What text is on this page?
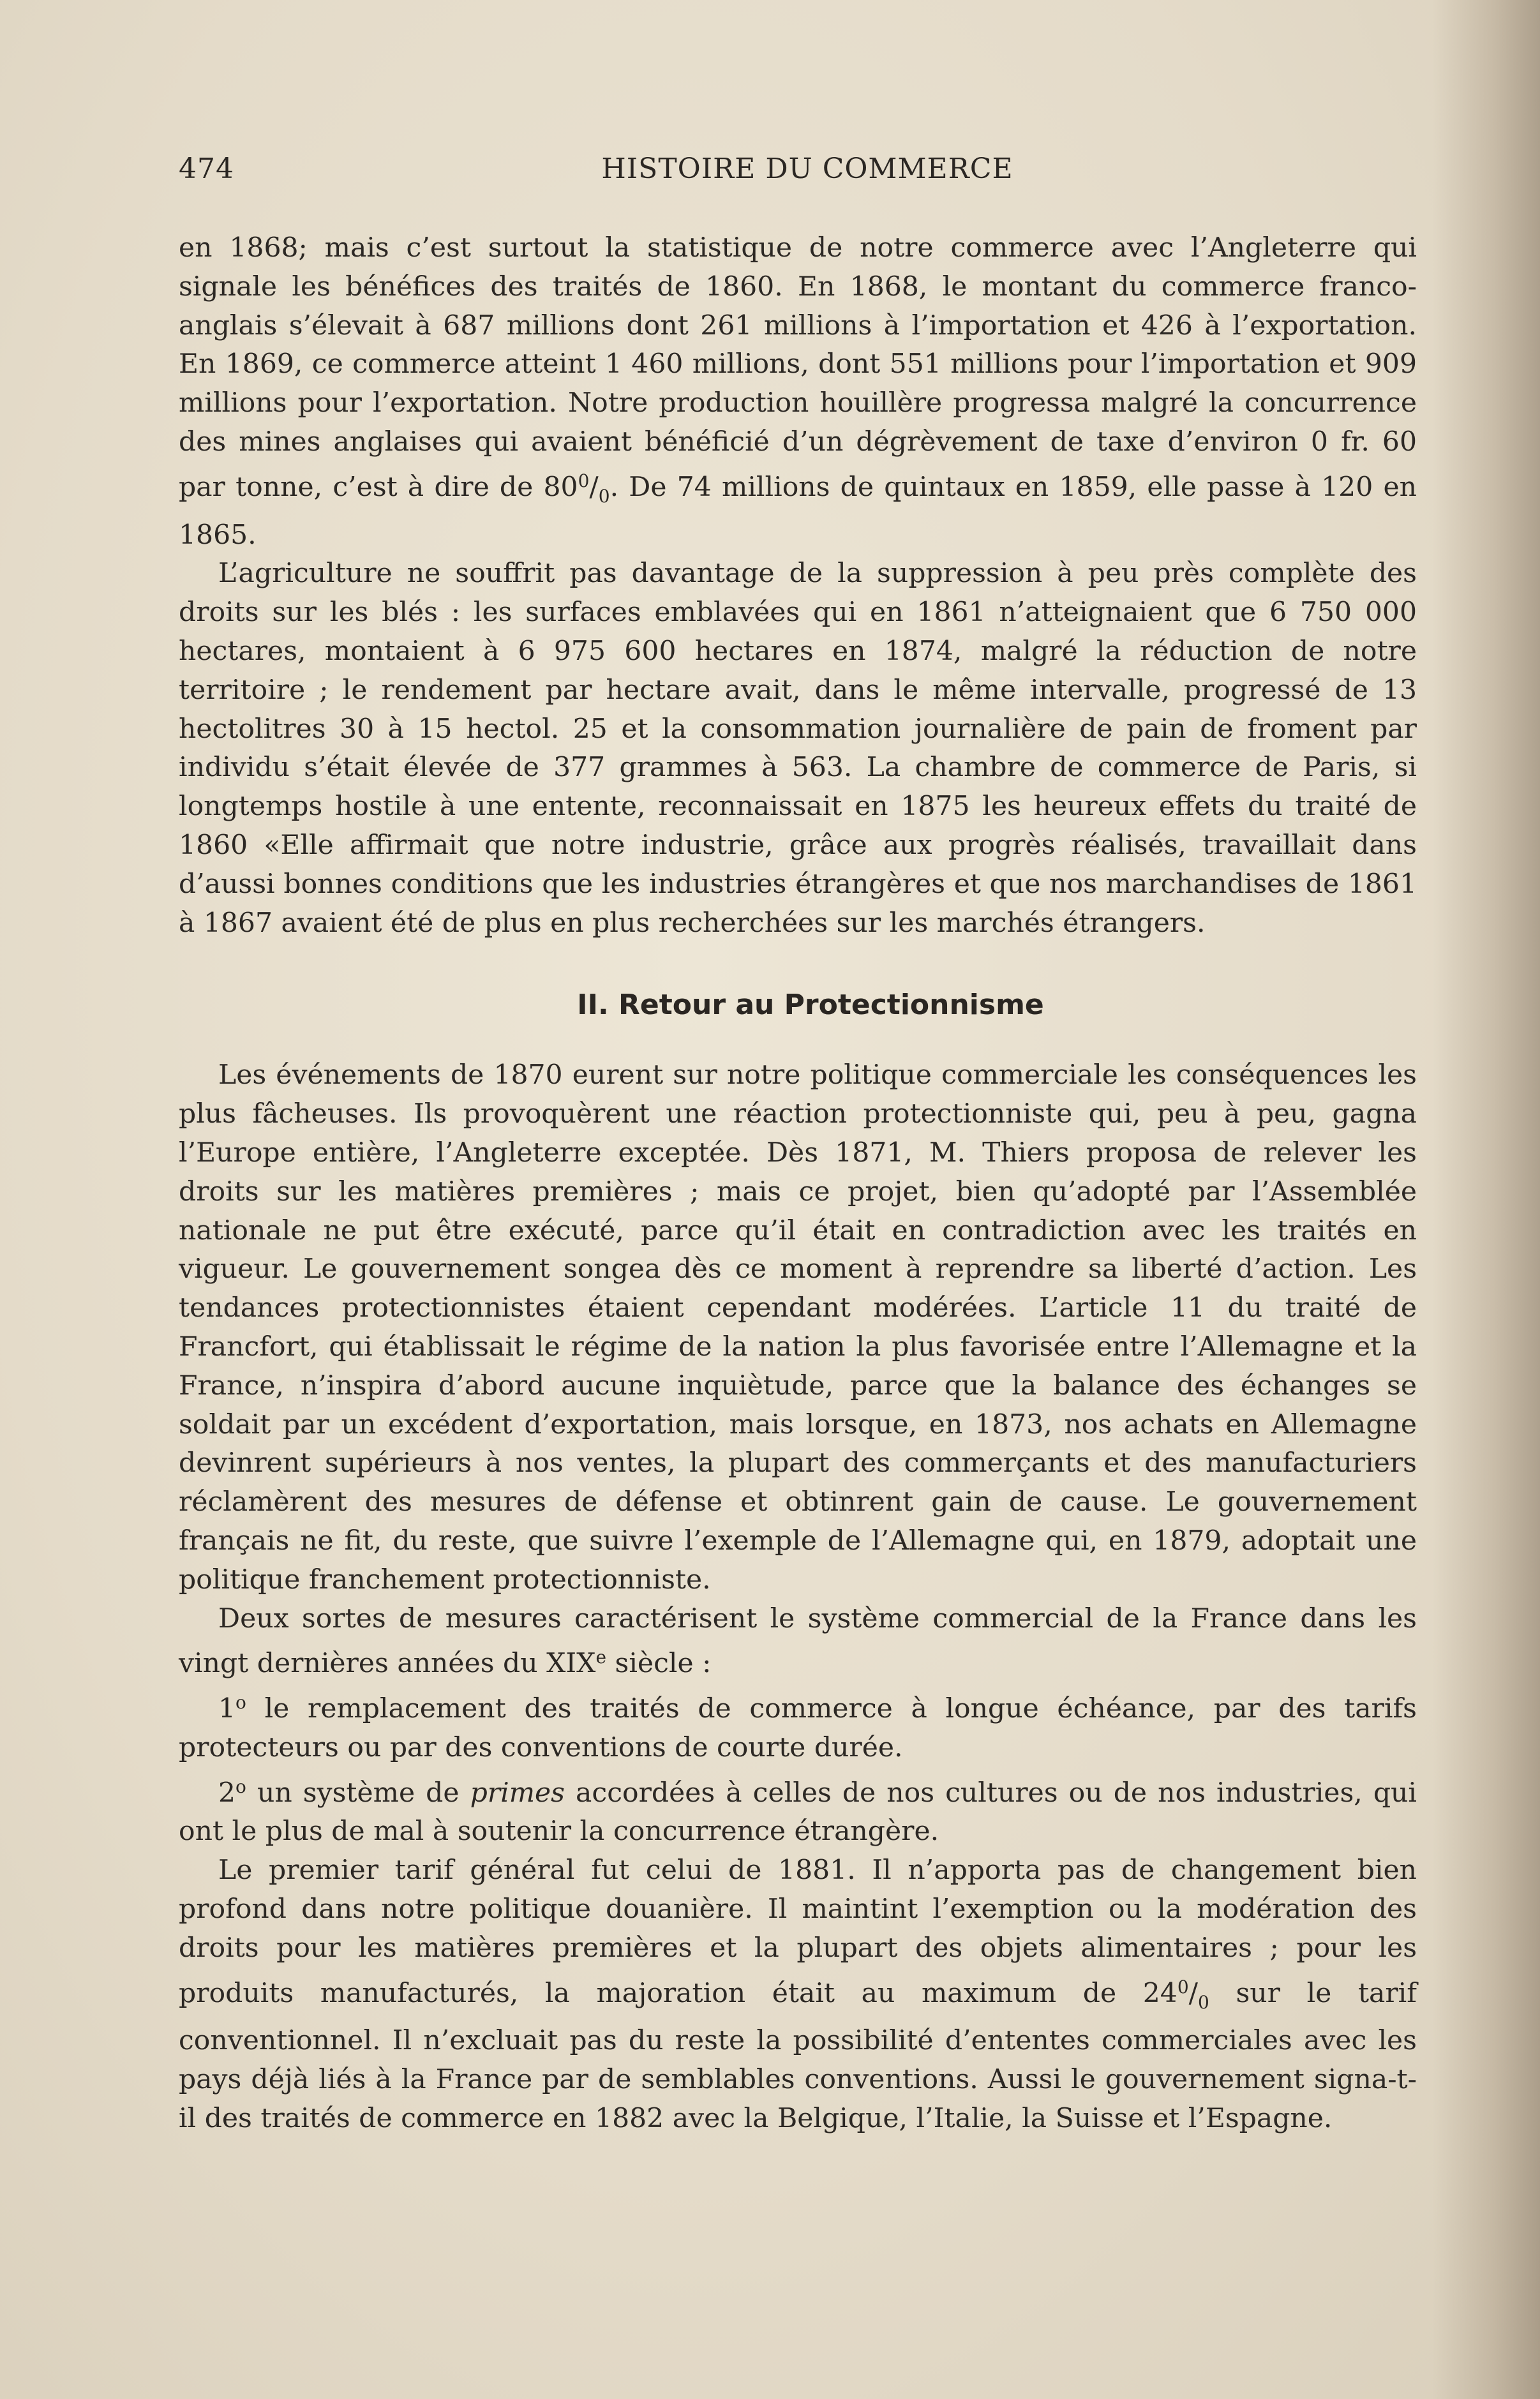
474	HISTOIRE DU COMMERCE

en 1868; mais c’est surtout la statistique de notre commerce avec l’Angleterre qui signale les bénéfices des traités de 1860. En 1868, le montant du commerce franco-anglais s’élevait à 687 millions dont 261 millions à l’importation et 426 à l’exportation. En 1869, ce commerce atteint 1 460 millions, dont 551 millions pour l’importation et 909 millions pour l’exportation. Notre production houillère progressa malgré la concurrence des mines anglaises qui avaient bénéficié d’un dégrèvement de taxe d’environ 0 fr. 60 par tonne, c’est à dire de $80^0/_0$. De 74 millions de quintaux en 1859, elle passe à 120 en 1865.

L’agriculture ne souffrit pas davantage de la suppression à peu près complète des droits sur les blés : les surfaces emblavées qui en 1861 n’atteignaient que 6 750 000 hectares, montaient à 6 975 600 hectares en 1874, malgré la réduction de notre territoire ; le rendement par hectare avait, dans le même intervalle, progressé de 13 hectolitres 30 à 15 hectol. 25 et la consommation journalière de pain de froment par individu s’était élevée de 377 grammes à 563. La chambre de commerce de Paris, si longtemps hostile à une entente, reconnaissait en 1875 les heureux effets du traité de 1860 «Elle affirmait que notre industrie, grâce aux progrès réalisés, travaillait dans d’aussi bonnes conditions que les industries étrangères et que nos marchandises de 1861 à 1867 avaient été de plus en plus recherchées sur les marchés étrangers.

II. Retour au Protectionnisme

Les événements de 1870 eurent sur notre politique commerciale les conséquences les plus fâcheuses. Ils provoquèrent une réaction protectionniste qui, peu à peu, gagna l’Europe entière, l’Angleterre exceptée. Dès 1871, M. Thiers proposa de relever les droits sur les matières premières ; mais ce projet, bien qu’adopté par l’Assemblée nationale ne put être exécuté, parce qu’il était en contradiction avec les traités en vigueur. Le gouvernement songea dès ce moment à reprendre sa liberté d’action. Les tendances protectionnistes étaient cependant modérées. L’article 11 du traité de Francfort, qui établissait le régime de la nation la plus favorisée entre l’Allemagne et la France, n’inspira d’abord aucune inquiètude, parce que la balance des échanges se soldait par un excédent d’exportation, mais lorsque, en 1873, nos achats en Allemagne devinrent supérieurs à nos ventes, la plupart des commerçants et des manufacturiers réclamèrent des mesures de défense et obtinrent gain de cause. Le gouvernement français ne fit, du reste, que suivre l’exemple de l’Allemagne qui, en 1879, adoptait une politique franchement protectionniste.

Deux sortes de mesures caractérisent le système commercial de la France dans les vingt dernières années du XIXe siècle :

1$^o$ le remplacement des traités de commerce à longue échéance, par des tarifs protecteurs ou par des conventions de courte durée.

2$^o$ un système de primes accordées à celles de nos cultures ou de nos industries, qui ont le plus de mal à soutenir la concurrence étrangère.

Le premier tarif général fut celui de 1881. Il n’apporta pas de changement bien profond dans notre politique douanière. Il maintint l’exemption ou la modération des droits pour les matières premières et la plupart des objets alimentaires ; pour les produits manufacturés, la majoration était au maximum de $24^0/_0$ sur le tarif conventionnel. Il n’excluait pas du reste la possibilité d’ententes commerciales avec les pays déjà liés à la France par de semblables conventions. Aussi le gouvernement signa-t-il des traités de commerce en 1882 avec la Belgique, l’Italie, la Suisse et l’Espagne.
